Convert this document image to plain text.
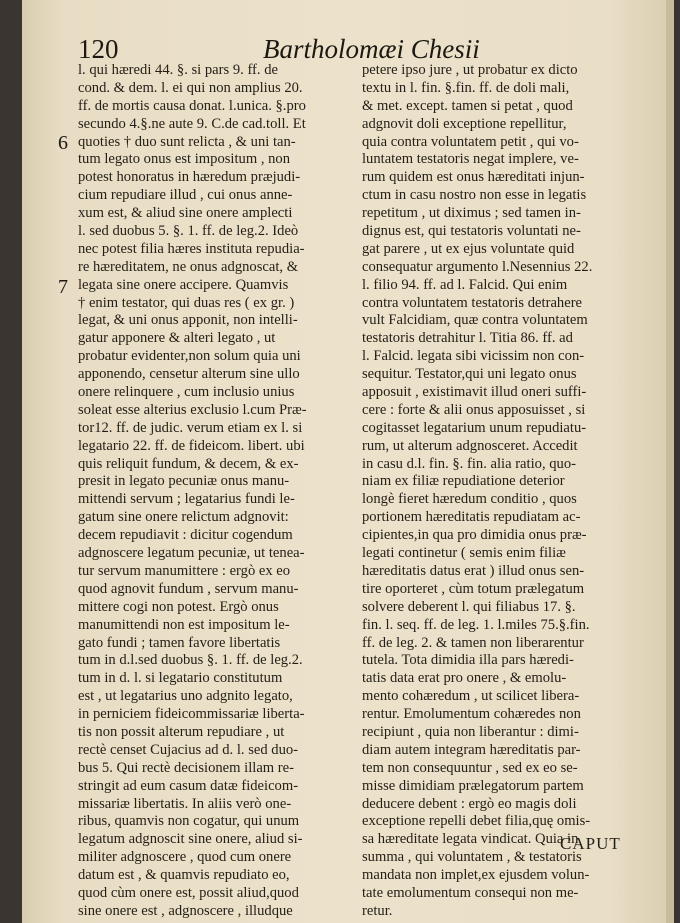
120	Bartholomæi Chesii
6
7
l. qui hæredi 44. §. si pars 9. ff. de
cond. & dem. l. ei qui non amplius 20.
ff. de mortis causa donat. l.unica. §.pro
secundo 4.§.ne aute 9. C.de cad.toll. Et
quoties † duo sunt relicta , & uni tan-
tum legato onus est impositum , non
potest honoratus in hæredum præjudi-
cium repudiare illud , cui onus anne-
xum est, & aliud sine onere amplecti
l. sed duobus 5. §. 1. ff. de leg.2. Ideò
nec potest filia hæres instituta repudia-
re hæreditatem, ne onus adgnoscat, &
legata sine onere accipere. Quamvis
† enim testator, qui duas res ( ex gr. )
legat, & uni onus apponit, non intelli-
gatur apponere & alteri legato , ut
probatur evidenter,non solum quia uni
apponendo, censetur alterum sine ullo
onere relinquere , cum inclusio unius
soleat esse alterius exclusio l.cum Præ-
tor12. ff. de judic. verum etiam ex l. si
legatario 22. ff. de fideicom. libert. ubi
quis reliquit fundum, & decem, & ex-
presit in legato pecuniæ onus manu-
mittendi servum ; legatarius fundi le-
gatum sine onere relictum adgnovit:
decem repudiavit : dicitur cogendum
adgnoscere legatum pecuniæ, ut tenea-
tur servum manumittere : ergò ex eo
quod agnovit fundum , servum manu-
mittere cogi non potest. Ergò onus
manumittendi non est impositum le-
gato fundi ; tamen favore libertatis
tum in d.l.sed duobus §. 1. ff. de leg.2.
tum in d. l. si legatario constitutum
est , ut legatarius uno adgnito legato,
in perniciem fideicommissariæ liberta-
tis non possit alterum repudiare , ut
rectè censet Cujacius ad d. l. sed duo-
bus 5. Qui rectè decisionem illam re-
stringit ad eum casum datæ fideicom-
missariæ libertatis. In aliis verò one-
ribus, quamvis non cogatur, qui unum
legatum adgnoscit sine onere, aliud si-
militer adgnoscere , quod cum onere
datum est , & quamvis repudiato eo,
quod cùm onere est, possit aliud,quod
sine onere est , adgnoscere , illudque
petere ipso jure , ut probatur ex dicto
textu in l. fin. §.fin. ff. de doli mali,
& met. except. tamen si petat , quod
adgnovit doli exceptione repellitur,
quia contra voluntatem petit , qui vo-
luntatem testatoris negat implere, ve-
rum quidem est onus hæreditati injun-
ctum in casu nostro non esse in legatis
repetitum , ut diximus ; sed tamen in-
dignus est, qui testatoris voluntati ne-
gat parere , ut ex ejus voluntate quid
consequatur argumento l.Nesennius 22.
l. filio 94. ff. ad l. Falcid. Qui enim
contra voluntatem testatoris detrahere
vult Falcidiam, quæ contra voluntatem
testatoris detrahitur l. Titia 86. ff. ad
l. Falcid. legata sibi vicissim non con-
sequitur. Testator,qui uni legato onus
apposuit , existimavit illud oneri suffi-
cere : forte & alii onus apposuisset , si
cogitasset legatarium unum repudiatu-
rum, ut alterum adgnosceret. Accedit
in casu d.l. fin. §. fin. alia ratio, quo-
niam ex filiæ repudiatione deterior
longè fieret hæredum conditio , quos
portionem hæreditatis repudiatam ac-
cipientes,in qua pro dimidia onus præ-
legati continetur ( semis enim filiæ
hæreditatis datus erat ) illud onus sen-
tire oporteret , cùm totum prælegatum
solvere deberent l. qui filiabus 17. §.
fin. l. seq. ff. de leg. 1. l.miles 75.§.fin.
ff. de leg. 2. & tamen non liberarentur
tutela. Tota dimidia illa pars hæredi-
tatis data erat pro onere , & emolu-
mento cohæredum , ut scilicet libera-
rentur. Emolumentum cohæredes non
recipiunt , quia non liberantur : dimi-
diam autem integram hæreditatis par-
tem non consequuntur , sed ex eo se-
misse dimidiam prælegatorum partem
deducere debent : ergò eo magis doli
exceptione repelli debet filia,quę omis-
sa hæreditate legata vindicat. Quia in
summa , qui voluntatem , & testatoris
mandata non implet,ex ejusdem volun-
tate emolumentum consequi non me-
retur.
CAPUT
